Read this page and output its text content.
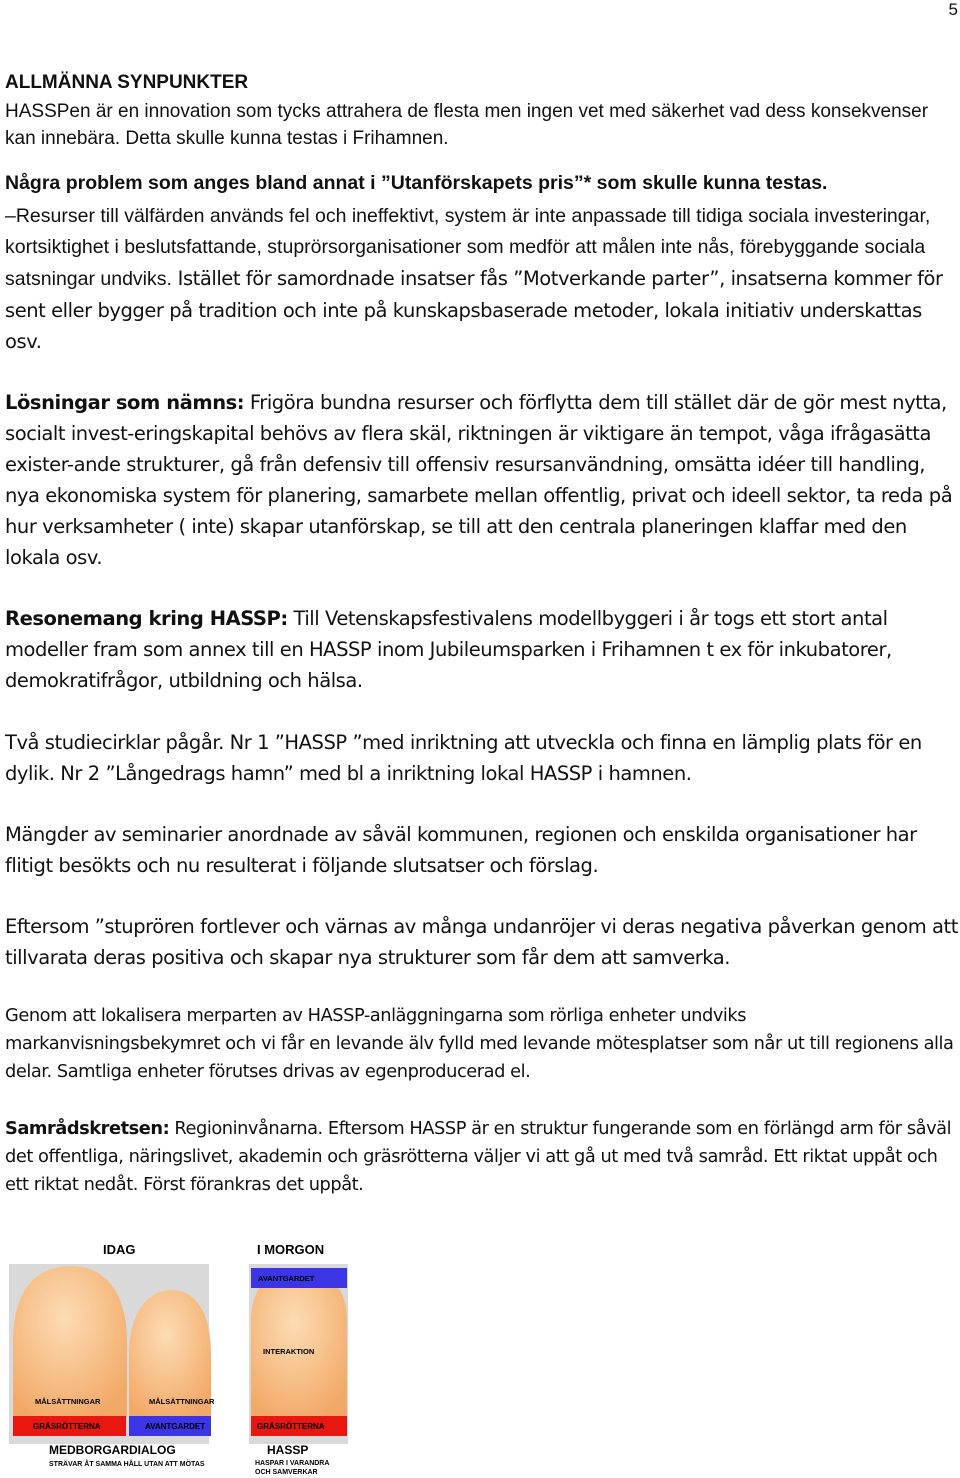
5
ALLMÄNNA SYNPUNKTER
HASSPen är en innovation som tycks attrahera de flesta men ingen vet med säkerhet vad dess konsekvenser kan innebära. Detta skulle kunna testas i Frihamnen.
Några problem som anges bland annat i ”Utanförskapets pris”* som skulle kunna testas.
–Resurser till välfärden används fel och ineffektivt, system är inte anpassade till tidiga sociala investeringar, kortsiktighet i beslutsfattande, stuprörsorganisationer som medför att målen inte nås, förebyggande sociala satsningar undviks. Istället för samordnade insatser fås ”Motverkande parter”, insatserna kommer för sent eller bygger på tradition och inte på kunskapsbaserade metoder, lokala initiativ underskattas osv.
Lösningar som nämns: Frigöra bundna resurser och förflytta dem till stället där de gör mest nytta, socialt invest-eringskapital behövs av flera skäl, riktningen är viktigare än tempot, våga ifrågasätta exister-ande strukturer, gå från defensiv till offensiv resursanvändning, omsätta idéer till handling, nya ekonomiska system för planering, samarbete mellan offentlig, privat och ideell sektor, ta reda på hur verksamheter ( inte) skapar utanförskap, se till att den centrala planeringen klaffar med den lokala osv.
Resonemang kring HASSP: Till Vetenskapsfestivalens modellbyggeri i år togs ett stort antal modeller fram som annex till en HASSP inom Jubileumsparken i Frihamnen t ex för inkubatorer, demokratifrågor, utbildning och hälsa.
Två studiecirklar pågår. Nr 1 ”HASSP ”med inriktning att utveckla och finna en lämplig plats för en dylik. Nr 2 ”Långedrags hamn” med bl a inriktning lokal HASSP i hamnen.
Mängder av seminarier anordnade av såväl kommunen, regionen och enskilda organisationer har flitigt besökts och nu resulterat i följande slutsatser och förslag.
Eftersom ”stuprören fortlever och värnas av många undanröjer vi deras negativa påverkan genom att tillvarata deras positiva och skapar nya strukturer som får dem att samverka.
Genom att lokalisera merparten av HASSP-anläggningarna som rörliga enheter undviks markanvisningsbekymret och vi får en levande älv fylld med levande mötesplatser som når ut till regionens alla delar. Samtliga enheter förutses drivas av egenproducerad el.
Samrådskretsen: Regioninvånarna. Eftersom HASSP är en struktur fungerande som en förlängd arm för såväl det offentliga, näringslivet, akademin och gräsrötterna väljer vi att gå ut med två samråd. Ett riktat uppåt och ett riktat nedåt. Först förankras det uppåt.
IDAG	I MORGON
MÅLSÄTTNINGAR	MÅLSÄTTNINGAR
AVANTGARDET
INTERAKTION
GRÄSRÖTTERNA	AVANTGARDET	GRÄSRÖTTERNA
MEDBORGARDIALOG
STRÄVAR ÅT SAMMA HÅLL UTAN ATT MÖTAS
HASSP
HASPAR I VARANDRA
OCH SAMVERKAR
